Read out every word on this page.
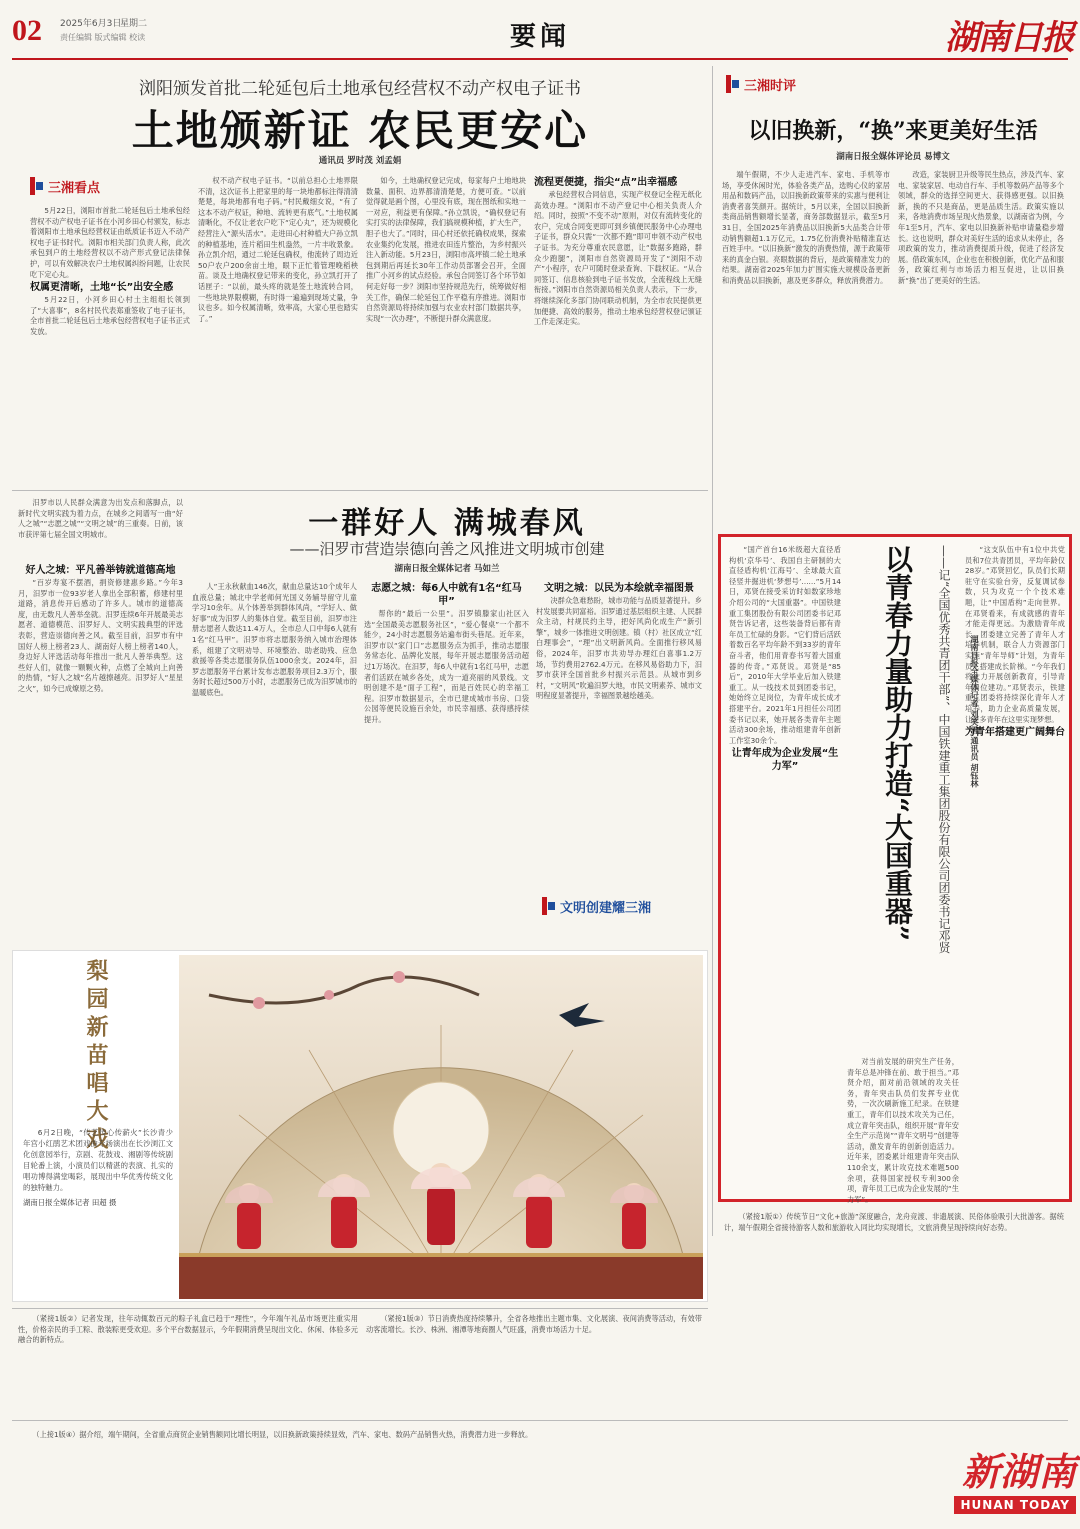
02 2025年6月3日
星期二
责任编辑 版式编辑 校读	要闻	湖南日报
浏阳颁发首批二轮延包后土地承包经营权不动产权电子证书
土地颁新证 农民更安心
通讯员 罗时茂 刘孟娟
三湘看点

5月22日，浏阳市首批二轮延包后土地承包经营权不动产权电子证书在小河乡田心村颁发，标志着浏阳市土地承包经营权证由纸质证书迈入不动产权电子证书时代。浏阳市相关部门负责人称，此次承包到户的土地经营权以不动产形式登记法律保护，可以有效解决农户土地权属纠纷问题，让农民吃下定心丸。

权属更清晰，土地“长”出安全感

5月22日，小河乡田心村土主组组长领到了“大喜事”，8名村民代表郑重签收了电子证书，全市首批二轮延包后土地承包经营权电子证书正式发放。

权不动产权电子证书。“以前总担心土地界限不清，这次证书上把家里的每一块地都标注得清清楚楚，每块地都有电子码。”村民戴细女说，“有了这本不动产权证，种地、流转更有底气。”土地权属清晰化，不仅让老农户吃下“定心丸”，还为规模化经营注入“源头活水”。走进田心村种植大户孙立凯的种植基地，连片稻田生机盎然，一片丰收景象。孙立凯介绍，通过二轮延包确权，他流转了周边近50户农户200余亩土地，眼下正忙着管理晚稻秧苗。谈及土地确权登记带来的变化，孙立凯打开了话匣子：“以前，最头疼的就是签土地流转合同，一些地块界限模糊，有时得一遍遍到现场丈量，争议也多。如今权属清晰，效率高，大家心里也踏实了。”

如今，土地确权登记完成，每家每户土地地块数量、面积、边界都清清楚楚，方便可查。“以前觉得就是画个图，心里没有底，现在图纸和实地一一对应，利益更有保障。”孙立凯说，“确权登记有实打实的法律保障，我们搞规模种植，扩大生产，胆子也大了。”同时，田心村还依托确权成果，探索农业集约化发展，推进农田连片整治，为乡村振兴注入新动能。5月23日，浏阳市高坪镇二轮土地承包到期后再延长30年工作动员部署会召开，全面推广小河乡的试点经验。承包合同签订各个环节如何走好每一步？浏阳市坚持规范先行，统筹做好相关工作，确保二轮延包工作平稳有序推进。浏阳市自然资源局将持续加强与农业农村部门数据共享，实现“一次办理”，不断提升群众满意度。

流程更便捷，指尖“点”出幸福感

承包经营权合同信息，实现产权登记全程无纸化高效办理。“浏阳市不动产登记中心相关负责人介绍。同时，按照“不变不动”原则，对仅有流转变化的农户，完成合同变更即可到乡镇便民服务中心办理电子证书，群众只需“一次都不跑”即可申领不动产权电子证书。为充分尊重农民意愿，让“数据多跑路，群众少跑腿”，浏阳市自然资源局开发了“浏阳不动产”小程序，农户可随时登录查询、下载权证。“从合同签订、信息核验到电子证书发放，全流程线上无缝衔接。”浏阳市自然资源局相关负责人表示，下一步，将继续深化多部门协同联动机制，为全市农民提供更加便捷、高效的服务，推动土地承包经营权登记颁证工作走深走实。

三湘时评
以旧换新，“换”来更美好生活
湖南日报全媒体评论员 易博文

端午假期，不少人走进汽车、家电、手机等市场，享受休闲时光，体验各类产品，选购心仪的家居用品和数码产品，以旧换新政策带来的实惠与便利让消费者喜笑颜开。据统计，5月以来，全国以旧换新类商品销售额增长显著，商务部数据显示，截至5月31日，全国2025年消费品以旧换新5大品类合计带动销售额超1.1万亿元，1.75亿份消费补贴精准直达百姓手中。“以旧换新”激发的消费热情，源于政策带来的真金白银。亮眼数据的背后，是政策精准发力的结果。湖南省2025年加力扩围实施大规模设备更新和消费品以旧换新，惠及更多群众，释放消费潜力。

改造，家装厨卫升级等民生热点，涉及汽车、家电、家装家居、电动自行车、手机等数码产品等多个领域，群众的选择空间更大、获得感更强。以旧换新，换的不只是商品，更是品质生活。政策实施以来，各地消费市场呈现火热景象，以湖南省为例，今年1至5月，汽车、家电以旧换新补贴申请量稳步增长。这也说明，群众对美好生活的追求从未停止，各项政策的发力，推动消费提质升级，促进了经济发展。借政策东风，企业也在积极创新，优化产品和服务，政策红利与市场活力相互促进，让以旧换新“换”出了更美好的生活。

汨罗市以人民群众满意为出发点和落脚点，以新时代文明实践为着力点，在城乡之间谱写一曲“好人之城”“志愿之城”“文明之城”的三重奏。日前，该市获评第七届全国文明城市。	一群好人 满城春风
——汨罗市营造崇德向善之风推进文明城市创建
湖南日报全媒体记者 马如兰

好人之城：平凡善举铸就道德高地

“百岁寿宴不摆酒，捐资修建惠乡路。”今年3月，汨罗市一位93岁老人拿出全部积蓄，修建村里道路，消息传开后感动了许多人。城市的道德高度，由无数凡人善举垒就。汨罗连续6年开展最美志愿者、道德模范、汨罗好人、文明实践典型的评选表彰，营造崇德向善之风。截至目前，汨罗市有中国好人榜上榜者23人、湖南好人榜上榜者140人，身边好人评选活动每年推出一批凡人善举典型。这些好人们，就像一颗颗火种，点燃了全城向上向善的热情，“好人之城”名片越擦越亮。汨罗好人“星星之火”，如今已成燎原之势。

人”王永秋献血146次，献血总量达10个成年人血液总量；城北中学老师何光国义务辅导留守儿童学习10余年。从个体善举到群体风尚，“学好人、做好事”成为汨罗人的集体自觉。截至目前，汨罗市注册志愿者人数达11.4万人，全市总人口中每6人就有1名“红马甲”。汨罗市将志愿服务纳入城市治理体系，组建了文明劝导、环境整治、助老助残、应急救援等各类志愿服务队伍1000余支。2024年，汨罗志愿服务平台累计发布志愿服务项目2.3万个，服务时长超过500万小时，志愿服务已成为汨罗城市的温暖底色。

志愿之城：每6人中就有1名“红马甲”

帮你的“最后一公里”。汨罗镇滕家山社区入选“全国最美志愿服务社区”，“爱心餐桌”一个都不能少，24小时志愿服务站遍布街头巷尾。近年来，汨罗市以“家门口”志愿服务点为抓手，推动志愿服务常态化、品牌化发展，每年开展志愿服务活动超过1万场次。在汨罗，每6人中就有1名红马甲，志愿者们活跃在城乡各处，成为一道亮丽的风景线。文明创建不是“面子工程”，而是百姓民心的幸福工程。汨罗市数据显示，全市已建成城市书房、口袋公园等便民设施百余处，市民幸福感、获得感持续提升。

文明之城：以民为本绘就幸福图景

决群众急难愁盼，城市功能与品质显著提升。乡村发展要共同富裕。汨罗通过基层组织主建、人民群众主动，村规民约主导，把好风尚化成生产“新引擎”，城乡一体推进文明创建。镇（村）社区成立“红白理事会”，“理”出文明新风尚。全面推行移风易俗，2024年，汨罗市共劝导办理红白喜事1.2万场，节约费用2762.4万元。在移风易俗助力下，汨罗市获评全国首批乡村振兴示范县。从城市到乡村，“文明风”吹遍汨罗大地，市民文明素养、城市文明程度显著提升，幸福图景越绘越美。

文明创建耀三湘
梨园新苗唱大戏

6月2日晚，“传艺传心传薪火”长沙青少年宫小红鹃艺术团戏曲专场演出在长沙浏江文化创意园举行，京剧、花鼓戏、湘剧等传统剧目轮番上演，小演员们以精湛的表演、扎实的唱功博得满堂喝彩，展现出中华优秀传统文化的独特魅力。

湖南日报全媒体记者 田超 摄

“国产首台16米级超大直径盾构机‘京华号’、我国自主研制的大直径盾构机‘江海号’、全球最大直径竖井掘进机‘梦想号’……”5月14日，邓贤在接受采访时如数家珍地介绍公司的“大国重器”。中国铁建重工集团股份有限公司团委书记邓贤告诉记者，这些装备背后都有青年员工忙碌的身影。“它们背后活跃着数百名平均年龄不到33岁的青年奋斗者，他们用青春书写着大国重器的传奇。”邓贤说。邓贤是“85后”，2010年大学毕业后加入铁建重工。从一线技术员到团委书记，她始终立足岗位，为青年成长成才搭建平台。2021年1月担任公司团委书记以来，她开展各类青年主题活动300余场，推动组建青年创新工作室30余个。

让青年成为企业发展“生力军”	以青春力量助力打造“大国重器” ——记“全国优秀共青团干部”、中国铁建重工集团股份有限公司团委书记邓贤 湖南日报全媒体记者 刘笑雪 通讯员 胡钰林

对当前发展的研究生产任务，青年总是冲锋在前、敢于担当。”邓贤介绍，面对前沿领域的攻关任务，青年突击队员们发挥专业优势，一次次刷新施工纪录。在铁建重工，青年们以技术攻关为己任，成立青年突击队，组织开展“青年安全生产示范岗”“青年文明号”创建等活动，激发青年的创新创造活力。近年来，团委累计组建青年突击队110余支，累计攻克技术难题500余项，获得国家授权专利300余项，青年员工已成为企业发展的“生力军”。

“这支队伍中有1位中共党员和7位共青团员，平均年龄仅28岁。”邓贤回忆，队员们长期驻守在实验台旁，反复调试参数，只为攻克一个个技术难题，让“中国盾构”走向世界。在邓贤看来，有成就感的青年才能走得更远。为激励青年成长，团委建立完善了青年人才培养机制，联合人力资源部门实施“青年导师”计划，为青年员工搭建成长阶梯。“今年我们将大力开展创新教育，引导青年岗位建功。”邓贤表示，铁建重工团委将持续深化青年人才培养，助力企业高质量发展，让更多青年在这里实现梦想。

为青年搭建更广阔舞台

（紧接1版②）记者发现，往年动辄数百元的粽子礼盒已趋于“理性”，今年端午礼品市场更注重实用性，价格亲民的手工粽、散装粽更受欢迎。多个平台数据显示，今年假期消费呈现出文化、休闲、体验多元融合的新特点。

（紧接1版③）节日消费热度持续攀升，全省各地推出主题市集、文化展演、夜间消费等活动，有效带动客流增长。长沙、株洲、湘潭等地商圈人气旺盛，消费市场活力十足。

（紧接1版①）传统节日“文化+旅游”深度融合，龙舟竞渡、非遗展演、民俗体验吸引大批游客。据统计，端午假期全省接待游客人数和旅游收入同比均实现增长，文旅消费呈现持续向好态势。

（上接1版④）据介绍，端午期间，全省重点商贸企业销售额同比增长明显，以旧换新政策持续显效，汽车、家电、数码产品销售火热，消费潜力进一步释放。

新湖南
HUNAN TODAY
